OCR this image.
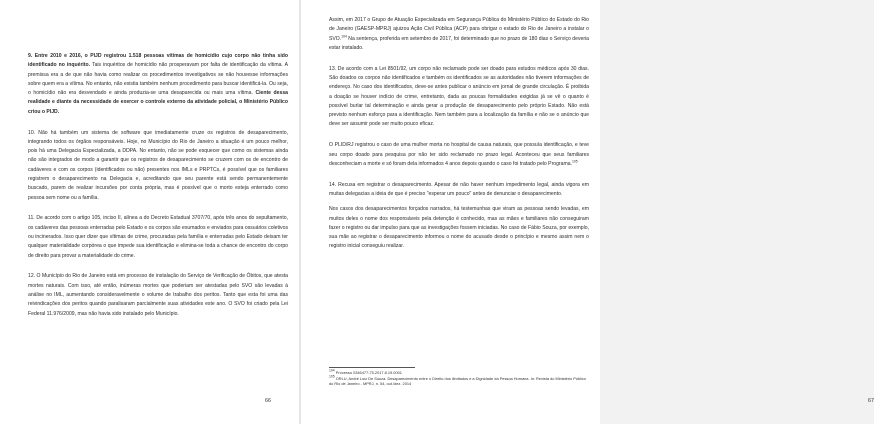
9. Entre 2010 e 2016, o PIJD registrou 1.518 pessoas vítimas de homicídio cujo corpo não tinha sido identificado no inquérito. Tais inquéritos de homicídio não prosperavam por falta de identificação da vítima. A premissa era a de que não havia como realizar os procedimentos investigativos se não houvesse informações sobre quem era a vítima. No entanto, não existia também nenhum procedimento para buscar identificá-la. Ou seja, o homicídio não era desvendado e ainda produzia-se uma desaparecida ou mais uma vítima. Ciente dessa realidade e diante da necessidade de exercer o controle externo da atividade policial, o Ministério Público criou o PIJD.

10. Não há também um sistema de software que imediatamente cruze os registros de desaparecimento, integrando todos os órgãos responsáveis. Hoje, no Município do Rio de Janeiro a situação é um pouco melhor, pois há uma Delegacia Especializada, a DDPA. No entanto, não se pode esquecer que como os sistemas ainda não são integrados de modo a garantir que os registros de desaparecimento se cruzem com os de encontro de cadáveres e com os corpos (identificados ou não) presentes nos IMLs e PRPTCs, é possível que os familiares registrem o desaparecimento na Delegacia e, acreditando que seu parente está sendo permanentemente buscado, parem de realizar incursões por conta própria, mas é possível que o morto esteja enterrado como pessoa sem nome ou a família.

11. De acordo com o artigo 105, inciso II, alínea a do Decreto Estadual 3707/70, após três anos do sepultamento, os cadáveres das pessoas enterradas pelo Estado e os corpos são exumados e enviados para ossuários coletivos ou incinerados. Isso quer dizer que vítimas de crime, procuradas pela família e enterradas pelo Estado deixam ter qualquer materialidade corpórea o que impede sua identificação e elimina-se toda a chance de encontro do corpo de direito para provar a materialidade do crime.

12. O Município do Rio de Janeiro está em processo de instalação do Serviço de Verificação de Óbitos, que atesta mortes naturais. Com isso, até então, inúmeras mortes que poderiam ser atestadas pelo SVO são levadas à análise no IML, aumentando consideravelmente o volume de trabalho dos peritos. Tanto que esta foi uma das reivindicações dos peritos quando paralisaram parcialmente suas atividades este ano. O SVO foi criado pela Lei Federal 11.976/2009, mas não havia sido instalado pelo Município.

66

Assim, em 2017 o Grupo de Atuação Especializada em Segurança Pública do Ministério Público do Estado do Rio de Janeiro (GAESP-MPRJ) ajuizou Ação Civil Pública (ACP) para obrigar o estado do Rio de Janeiro a instalar o SVO.$^{104}$ Na sentença, proferida em setembro de 2017, foi determinado que no prazo de 180 dias o Serviço deveria estar instalado.

13. De acordo com a Lei 8501/92, um corpo não reclamado pode ser doado para estudos médicos após 30 dias. São doados os corpos não identificados e também os identificados se as autoridades não tiverem informações de endereço. No caso dos identificados, deve-se antes publicar o anúncio em jornal de grande circulação. É proibida a doação se houver indício de crime, entretanto, dada as poucas formalidades exigidas já se vê o quanto é possível burlar tal determinação e ainda gerar a produção de desaparecimento pelo próprio Estado. Não está previsto nenhum esforço para a identificação. Nem também para a localização da família e não se o anúncio que deve ser assumir pode ser muito pouco eficaz.

O PLID/RJ registrou o caso de uma mulher morta no hospital de causa naturais, que possuía identificação, e teve seu corpo doado para pesquisa por não ter sido reclamado no prazo legal. Aconteceu que seus familiares desconheciam a morte e só foram dela informados 4 anos depois quando o caso foi tratado pelo Programa.$^{105}$

14. Recusa em registrar o desaparecimento. Apesar de não haver nenhum impedimento legal, ainda vigora em muitas delegacias a ideia de que é preciso "esperar um pouco" antes de denunciar o desaparecimento.

Nos casos dos desaparecimentos forçados narrados, há testemunhas que viram as pessoas sendo levadas, em muitos deles o nome dos responsáveis pela detenção é conhecido, mas as mães e familiares não conseguiram fazer o registro ou dar impulso para que as investigações fossem iniciadas. No caso de Fábio Souza, por exemplo, sua mãe ao registrar o desaparecimento informou o nome do acusado desde o princípio e mesmo assim nem o registro inicial conseguiu realizar.

$^{104}$ Processo 0346477-75.2017.8.19.0001

$^{105}$ ORLU, André Luiz De Souza. Desaparecimento entre o Direito dos ilimitados e a Dignidade da Pessoa Humana. In: Revista do Ministério Público do Rio de Janeiro - MPRJ, n. 54, out./dez. 2014

67
